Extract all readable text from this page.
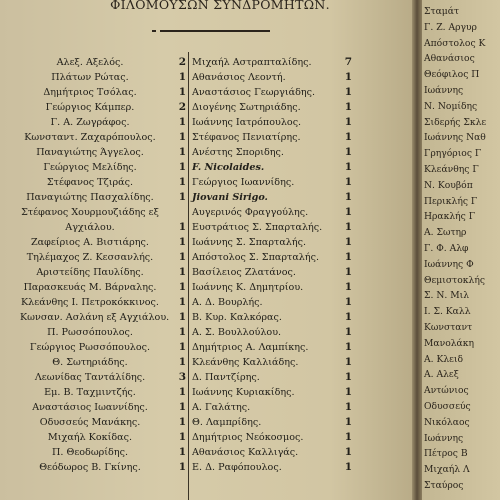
ΦΙΛΟΜΟΥΣΩΝ ΣΥΝΔΡΟΜΗΤΩΝ.
Αλεξ. Αξελός.	2
Πλάτων Ρώτας.	1
Δημήτριος Τσόλας.	1
Γεώργιος Κάμπερ.	2
Γ. Α. Ζωγράφος.	1
Κωνσταντ. Ζαχαρόπουλος.	1
Παναγιώτης Άγγελος.	1
Γεώργιος Μελίδης.	1
Στέφανος Τζιράς.	1
Παναγιώτης Πασχαλίδης.	1
Στέφανος Χουρμουζιάδης εξ
Αγχιάλου.	1
Ζαφείριος Α. Βιστιάρης.	1
Τηλέμαχος Ζ. Κεσσανλής.	1
Αριστείδης Παυλίδης.	1
Παρασκευάς Μ. Βάρναλης.	1
Κλεάνθης Ι. Πετροκόκκινος. 1
Κωνσαν. Ασλάνη εξ Αγχιάλου. 1
Π. Ρωσσόπουλος.	1
Γεώργιος Ρωσσόπουλος.	1
Θ. Σωτηριάδης.	1
Λεωνίδας Ταντάλίδης.	3
Εμ. Β. Ταχμιντζής.	1
Αναστάσιος Ιωαννίδης.	1
Οδυσσεύς Μανάκης.	1
Μιχαήλ Κοκίδας.	1
Π. Θεοδωρίδης.	1
Θεόδωρος Β. Γκίνης.	1
Μιχαήλ Αστραπταλίδης.	7
Αθανάσιος Λεοντή.	1
Αναστάσιος Γεωργιάδης.	1
Διογένης Σωτηριάδης.	1
Ιωάννης Ιατρόπουλος.	1
Στέφανος Πενιατίρης.	1
Ανέστης Σποριδης.	1
F. Nicolaides.	1
Γεώργιος Ιωαννίδης.	1
Jiovani Sirigo.	1
Αυγερινός Φραγγούλης.	1
Ευστράτιος Σ. Σπαρταλής. 1
Ιωάννης Σ. Σπαρταλής.	1
Απόστολος Σ. Σπαρταλής. 1
Βασίλειος Ζλατάνος.	1
Ιωάννης Κ. Δημητρίου.	1
Α. Δ. Βουρλής.	1
Β. Κυρ. Καλκόρας.	1
Α. Σ. Βουλλούλου.	1
Δημήτριος Α. Λαμπίκης.	1
Κλεάνθης Καλλιάδης.	1
Δ. Παντζίρης.	1
Ιωάννης Κυριακίδης.	1
Α. Γαλάτης.	1
Θ. Λαμπρίδης.	1
Δημήτριος Νεόκοσμος.	1
Αθανάσιος Καλλιγάς.	1
Ε. Δ. Ραφόπουλος.	1
Σταμάτ
Γ. Ζ. Αργυρ
Απόστολος Κ
Αθανάσιος
Θεόφιλος Π
Ιωάννης
Ν. Νομίδης
Σιδερής Σκλε
Ιωάννης Ναθ
Γρηγόριος Γ
Κλεάνθης Γ
Ν. Κουβόπ
Περικλής Γ
Ηρακλής Γ
Α. Σωτηρ
Γ. Φ. Αλφ
Ιωάννης Φ
Θεμιστοκλής
Σ. Ν. Μιλ
Ι. Σ. Καλλ
Κωνσταντ
Μανολάκη
Α. Κλειδ
Α. Αλεξ
Αντώνιος
Οδυσσεύς
Νικόλαος
Ιωάννης
Πέτρος Β
Μιχαήλ Λ
Σταύρος
